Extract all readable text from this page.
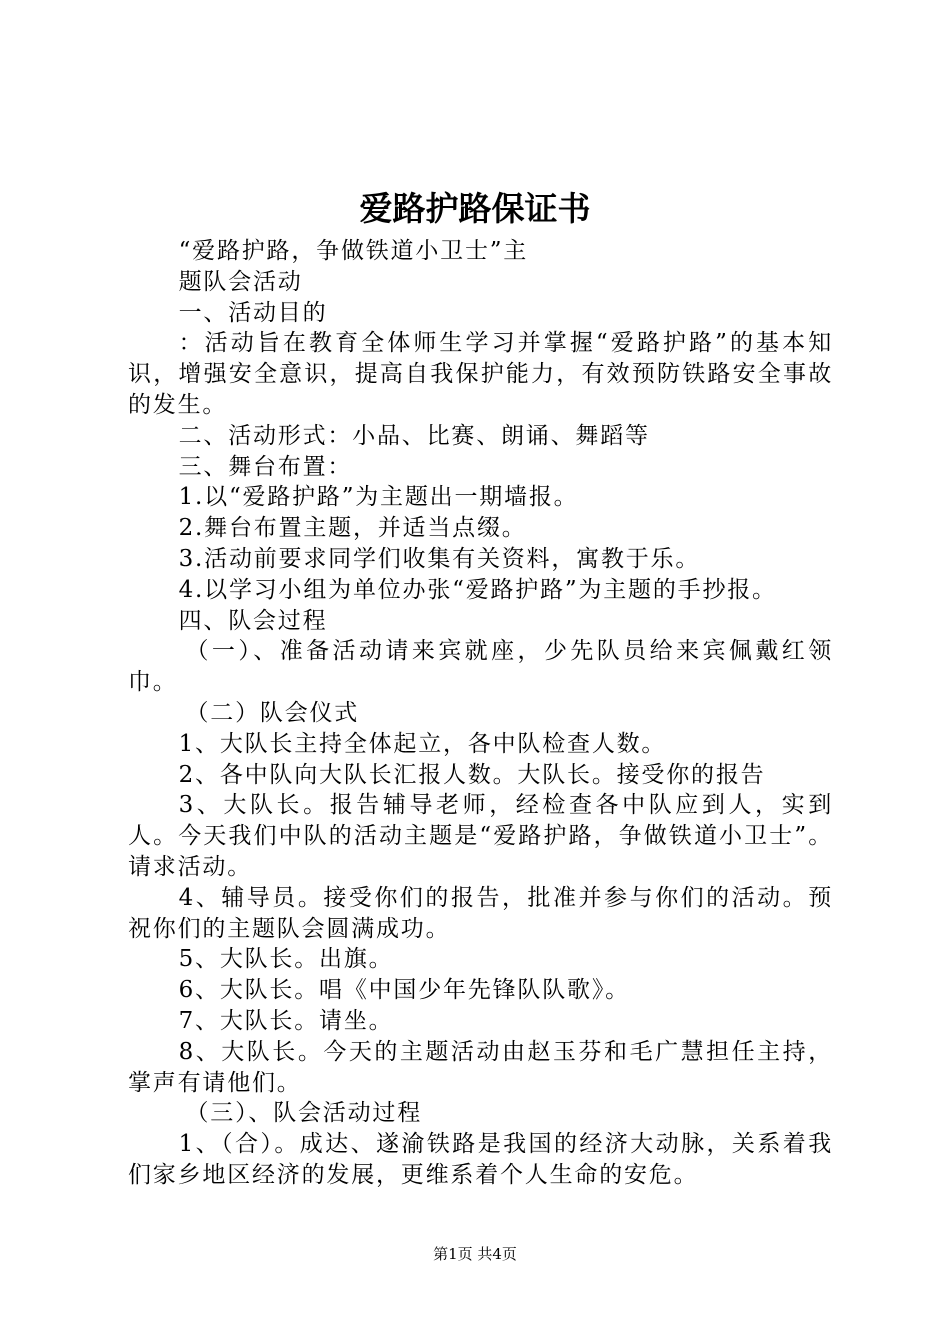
爱路护路保证书

“爱路护路，争做铁道小卫士”主

题队会活动

一、活动目的

：活动旨在教育全体师生学习并掌握“爱路护路”的基本知识，增强安全意识，提高自我保护能力，有效预防铁路安全事故的发生。

二、活动形式：小品、比赛、朗诵、舞蹈等

三、舞台布置：

1.以“爱路护路”为主题出一期墙报。

2.舞台布置主题，并适当点缀。

3.活动前要求同学们收集有关资料，寓教于乐。

4.以学习小组为单位办张“爱路护路”为主题的手抄报。

四、队会过程

（一）、准备活动请来宾就座，少先队员给来宾佩戴红领巾。

（二）队会仪式

1、大队长主持全体起立，各中队检查人数。

2、各中队向大队长汇报人数。大队长。接受你的报告

3、大队长。报告辅导老师，经检查各中队应到人，实到人。今天我们中队的活动主题是“爱路护路，争做铁道小卫士”。请求活动。

4、辅导员。接受你们的报告，批准并参与你们的活动。预祝你们的主题队会圆满成功。

5、大队长。出旗。

6、大队长。唱《中国少年先锋队队歌》。

7、大队长。请坐。

8、大队长。今天的主题活动由赵玉芬和毛广慧担任主持，掌声有请他们。

（三）、队会活动过程

1、（合）。成达、遂渝铁路是我国的经济大动脉，关系着我们家乡地区经济的发展，更维系着个人生命的安危。

第1页 共4页
